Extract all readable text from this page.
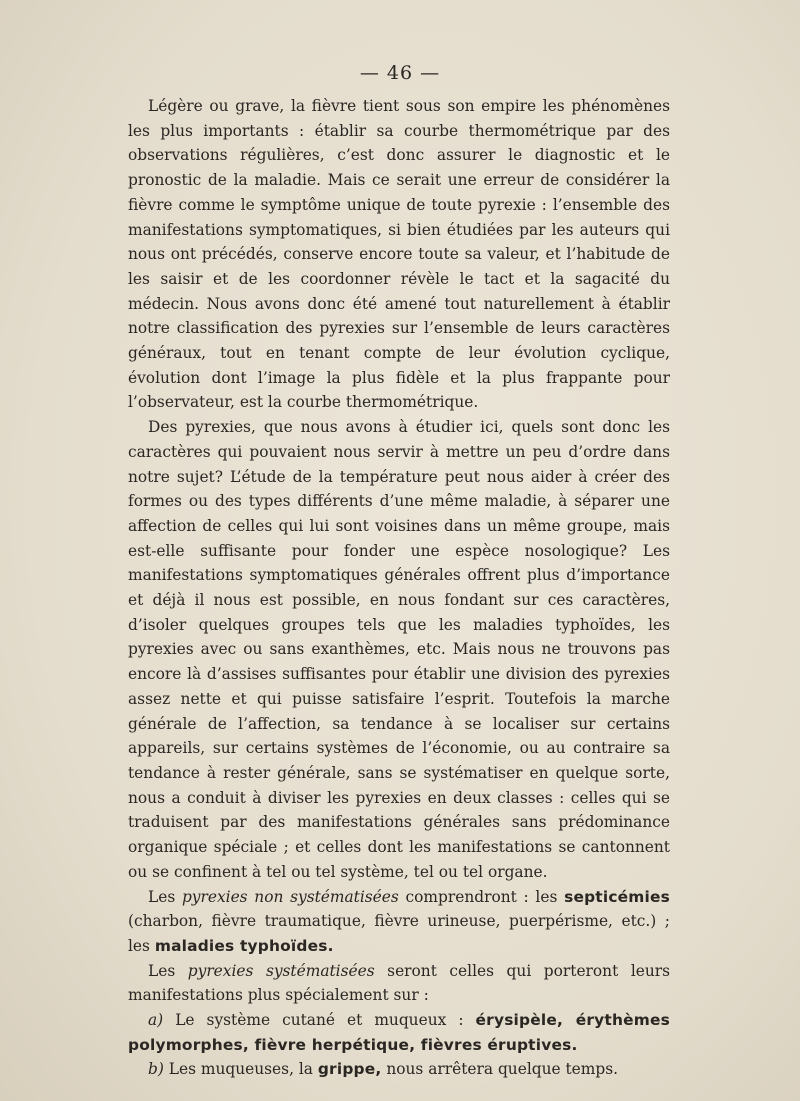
— 46 —

Légère ou grave, la fièvre tient sous son empire les phénomènes les plus importants : établir sa courbe thermométrique par des observations régulières, c’est donc assurer le diagnostic et le pronostic de la maladie. Mais ce serait une erreur de considérer la fièvre comme le symptôme unique de toute pyrexie : l’ensemble des manifestations symptomatiques, si bien étudiées par les auteurs qui nous ont précédés, conserve encore toute sa valeur, et l’habitude de les saisir et de les coordonner révèle le tact et la sagacité du médecin. Nous avons donc été amené tout naturellement à établir notre classification des pyrexies sur l’ensemble de leurs caractères généraux, tout en tenant compte de leur évolution cyclique, évolution dont l’image la plus fidèle et la plus frappante pour l’observateur, est la courbe thermométrique.

Des pyrexies, que nous avons à étudier ici, quels sont donc les caractères qui pouvaient nous servir à mettre un peu d’ordre dans notre sujet? L’étude de la température peut nous aider à créer des formes ou des types différents d’une même maladie, à séparer une affection de celles qui lui sont voisines dans un même groupe, mais est-elle suffisante pour fonder une espèce nosologique? Les manifestations symptomatiques générales offrent plus d’importance et déjà il nous est possible, en nous fondant sur ces caractères, d’isoler quelques groupes tels que les maladies typhoïdes, les pyrexies avec ou sans exanthèmes, etc. Mais nous ne trouvons pas encore là d’assises suffisantes pour établir une division des pyrexies assez nette et qui puisse satisfaire l’esprit. Toutefois la marche générale de l’affection, sa tendance à se localiser sur certains appareils, sur certains systèmes de l’économie, ou au contraire sa tendance à rester générale, sans se systématiser en quelque sorte, nous a conduit à diviser les pyrexies en deux classes : celles qui se traduisent par des manifestations générales sans prédominance organique spéciale ; et celles dont les manifestations se cantonnent ou se confinent à tel ou tel système, tel ou tel organe.

Les pyrexies non systématisées comprendront : les septicémies (charbon, fièvre traumatique, fièvre urineuse, puerpérisme, etc.) ; les maladies typhoïdes.

Les pyrexies systématisées seront celles qui porteront leurs manifestations plus spécialement sur :

a) Le système cutané et muqueux : érysipèle, érythèmes polymorphes, fièvre herpétique, fièvres éruptives.

b) Les muqueuses, la grippe, nous arrêtera quelque temps.
